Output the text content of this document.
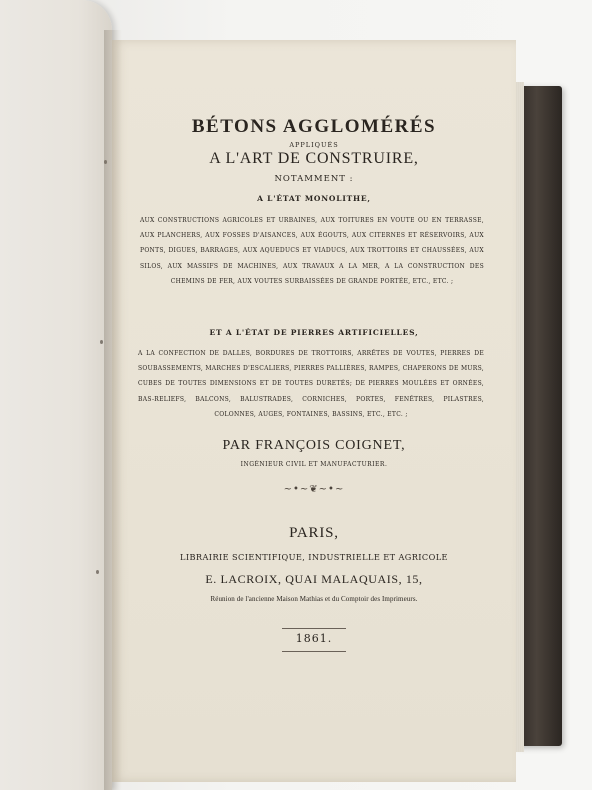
BÉTONS AGGLOMÉRÉS
APPLIQUÉS
A L'ART DE CONSTRUIRE,
NOTAMMENT :
A L'ÉTAT MONOLITHE,
AUX CONSTRUCTIONS AGRICOLES ET URBAINES, AUX TOITURES EN VOUTE OU EN TERRASSE, AUX PLANCHERS, AUX FOSSES D'AISANCES, AUX ÉGOUTS, AUX CITERNES ET RÉSERVOIRS, AUX PONTS, DIGUES, BARRAGES, AUX AQUEDUCS ET VIADUCS, AUX TROTTOIRS ET CHAUSSÉES, AUX SILOS, AUX MASSIFS DE MACHINES, AUX TRAVAUX A LA MER, A LA CONSTRUCTION DES CHEMINS DE FER, AUX VOUTES SURBAISSÉES DE GRANDE PORTÉE, ETC., ETC. ;
ET A L'ÉTAT DE PIERRES ARTIFICIELLES,
A LA CONFECTION DE DALLES, BORDURES DE TROTTOIRS, ARRÊTES DE VOUTES, PIERRES DE SOUBASSEMENTS, MARCHES D'ESCALIERS, PIERRES PALLIÈRES, RAMPES, CHAPERONS DE MURS, CUBES DE TOUTES DIMENSIONS ET DE TOUTES DURETÉS; DE PIERRES MOULÉES ET ORNÉES, BAS-RELIEFS, BALCONS, BALUSTRADES, CORNICHES, PORTES, FENÊTRES, PILASTRES, COLONNES, AUGES, FONTAINES, BASSINS, ETC., ETC. ;
PAR FRANÇOIS COIGNET,
INGÉNIEUR CIVIL ET MANUFACTURIER.
~•~❦~•~
PARIS,
LIBRAIRIE SCIENTIFIQUE, INDUSTRIELLE ET AGRICOLE
E. LACROIX, QUAI MALAQUAIS, 15,
Réunion de l'ancienne Maison Mathias et du Comptoir des Imprimeurs.
1861.
